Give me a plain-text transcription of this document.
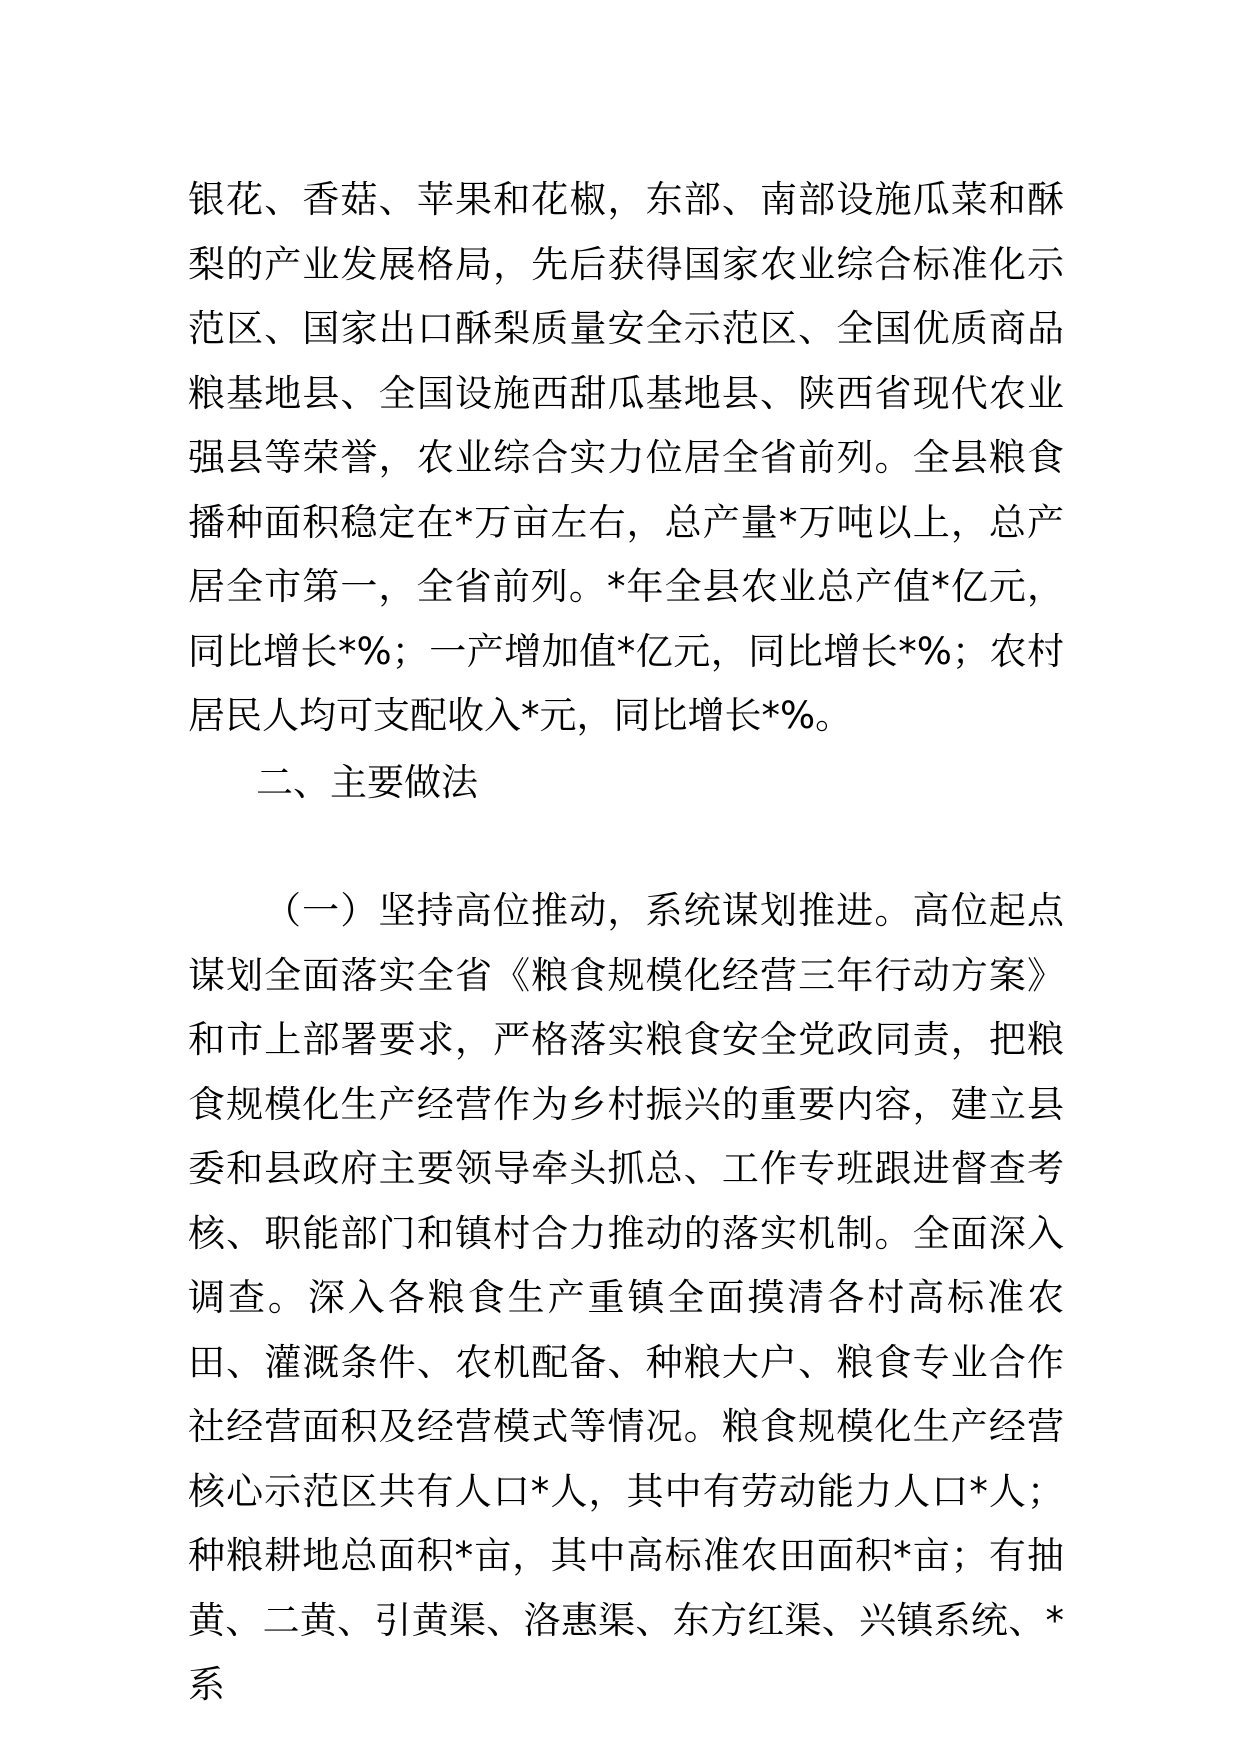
银花、香菇、苹果和花椒，东部、南部设施瓜菜和酥梨的产业发展格局，先后获得国家农业综合标准化示范区、国家出口酥梨质量安全示范区、全国优质商品粮基地县、全国设施西甜瓜基地县、陕西省现代农业强县等荣誉，农业综合实力位居全省前列。全县粮食播种面积稳定在*万亩左右，总产量*万吨以上，总产居全市第一，全省前列。*年全县农业总产值*亿元，同比增长*%；一产增加值*亿元，同比增长*%；农村居民人均可支配收入*元，同比增长*%。

二、主要做法

（一）坚持高位推动，系统谋划推进。高位起点谋划全面落实全省《粮食规模化经营三年行动方案》和市上部署要求，严格落实粮食安全党政同责，把粮食规模化生产经营作为乡村振兴的重要内容，建立县委和县政府主要领导牵头抓总、工作专班跟进督查考核、职能部门和镇村合力推动的落实机制。全面深入调查。深入各粮食生产重镇全面摸清各村高标准农田、灌溉条件、农机配备、种粮大户、粮食专业合作社经营面积及经营模式等情况。粮食规模化生产经营核心示范区共有人口*人，其中有劳动能力人口*人；种粮耕地总面积*亩，其中高标准农田面积*亩；有抽黄、二黄、引黄渠、洛惠渠、东方红渠、兴镇系统、*系
